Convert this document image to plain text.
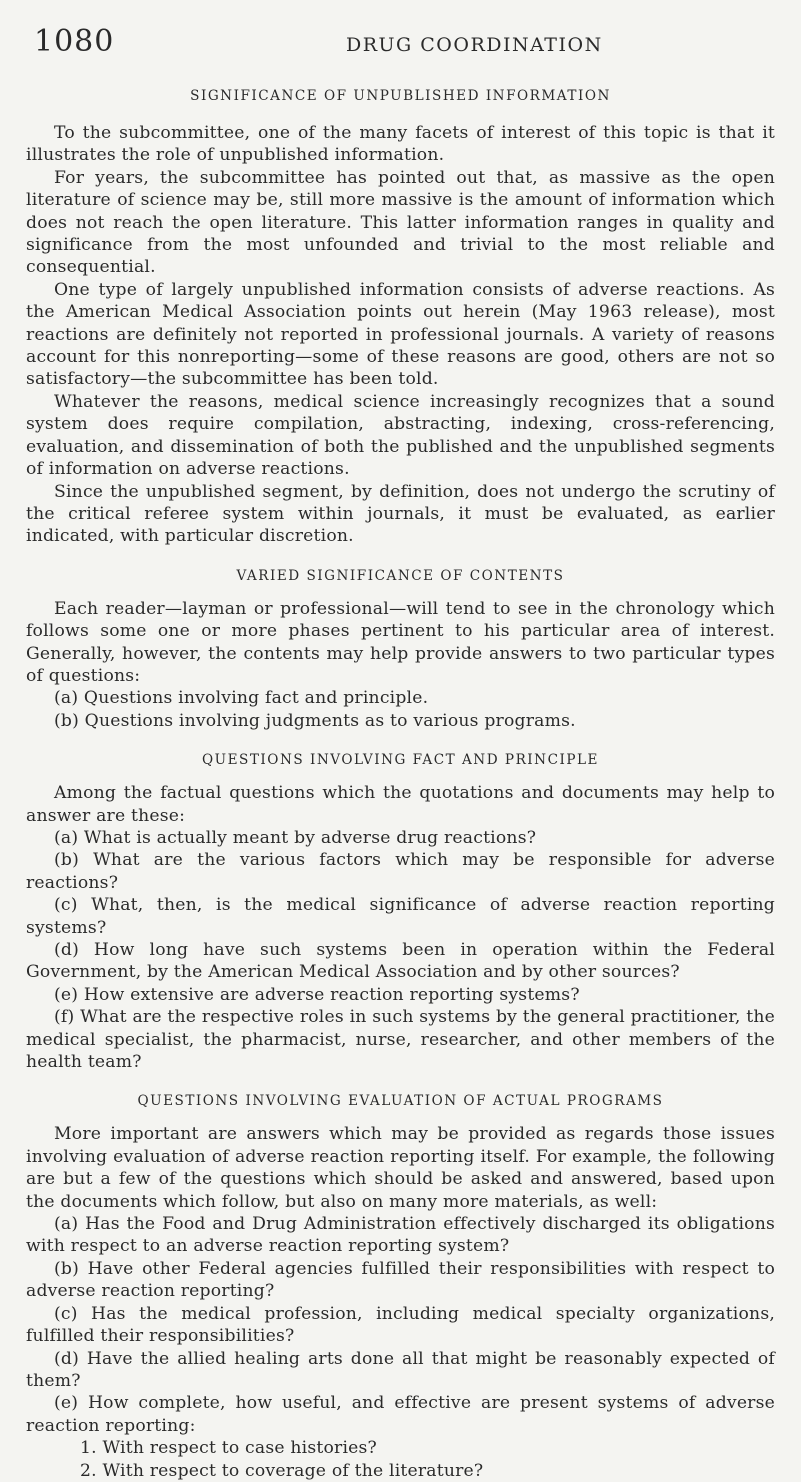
1080	DRUG COORDINATION
SIGNIFICANCE OF UNPUBLISHED INFORMATION

To the subcommittee, one of the many facets of interest of this topic is that it illustrates the role of unpublished information.

For years, the subcommittee has pointed out that, as massive as the open literature of science may be, still more massive is the amount of information which does not reach the open literature. This latter information ranges in quality and significance from the most unfounded and trivial to the most reliable and consequential.

One type of largely unpublished information consists of adverse reactions. As the American Medical Association points out herein (May 1963 release), most reactions are definitely not reported in professional journals. A variety of reasons account for this nonreporting—some of these reasons are good, others are not so satisfactory—the subcommittee has been told.

Whatever the reasons, medical science increasingly recognizes that a sound system does require compilation, abstracting, indexing, cross-referencing, evaluation, and dissemination of both the published and the unpublished segments of information on adverse reactions.

Since the unpublished segment, by definition, does not undergo the scrutiny of the critical referee system within journals, it must be evaluated, as earlier indicated, with particular discretion.

VARIED SIGNIFICANCE OF CONTENTS

Each reader—layman or professional—will tend to see in the chronology which follows some one or more phases pertinent to his particular area of interest. Generally, however, the contents may help provide answers to two particular types of questions:

(a) Questions involving fact and principle.

(b) Questions involving judgments as to various programs.

QUESTIONS INVOLVING FACT AND PRINCIPLE

Among the factual questions which the quotations and documents may help to answer are these:

(a) What is actually meant by adverse drug reactions?

(b) What are the various factors which may be responsible for adverse reactions?

(c) What, then, is the medical significance of adverse reaction reporting systems?

(d) How long have such systems been in operation within the Federal Government, by the American Medical Association and by other sources?

(e) How extensive are adverse reaction reporting systems?

(f) What are the respective roles in such systems by the general practitioner, the medical specialist, the pharmacist, nurse, researcher, and other members of the health team?

QUESTIONS INVOLVING EVALUATION OF ACTUAL PROGRAMS

More important are answers which may be provided as regards those issues involving evaluation of adverse reaction reporting itself. For example, the following are but a few of the questions which should be asked and answered, based upon the documents which follow, but also on many more materials, as well:

(a) Has the Food and Drug Administration effectively discharged its obligations with respect to an adverse reaction reporting system?

(b) Have other Federal agencies fulfilled their responsibilities with respect to adverse reaction reporting?

(c) Has the medical profession, including medical specialty organizations, fulfilled their responsibilities?

(d) Have the allied healing arts done all that might be reasonably expected of them?

(e) How complete, how useful, and effective are present systems of adverse reaction reporting:

1. With respect to case histories?

2. With respect to coverage of the literature?
